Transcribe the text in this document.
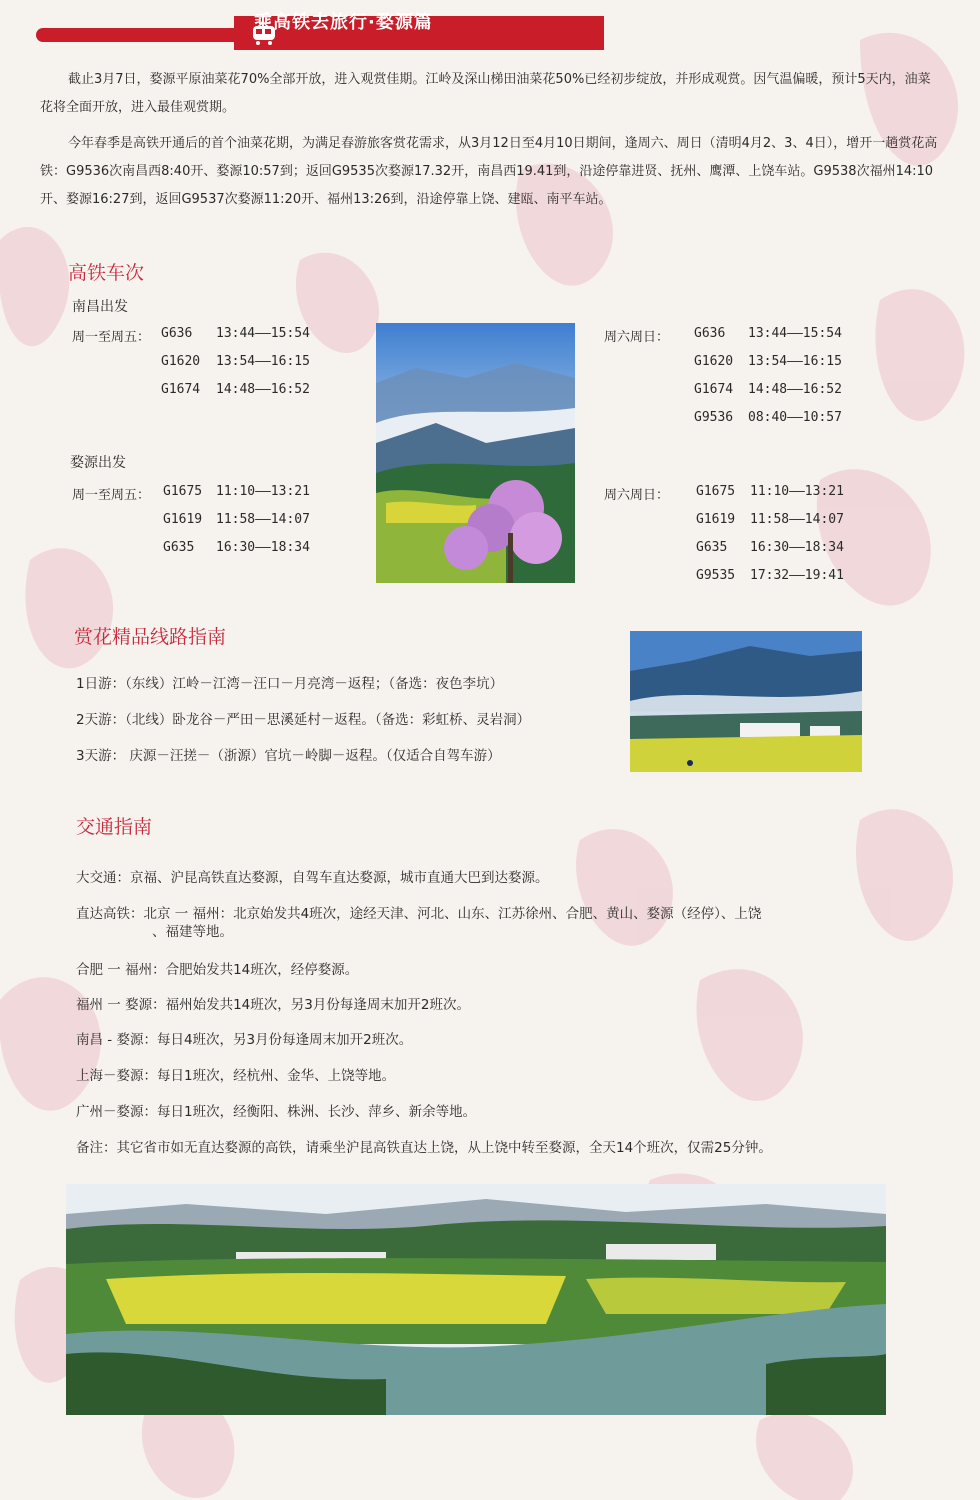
乘高铁去旅行·婺源篇

截止3月7日，婺源平原油菜花70%全部开放，进入观赏佳期。江岭及深山梯田油菜花50%已经初步绽放，并形成观赏。因气温偏暖，预计5天内，油菜花将全面开放，进入最佳观赏期。

今年春季是高铁开通后的首个油菜花期，为满足春游旅客赏花需求，从3月12日至4月10日期间，逢周六、周日（清明4月2、3、4日），增开一趟赏花高铁：G9536次南昌西8:40开、婺源10:57到；返回G9535次婺源17.32开，南昌西19.41到，沿途停靠进贤、抚州、鹰潭、上饶车站。G9538次福州14:10开、婺源16:27到，返回G9537次婺源11:20开、福州13:26到，沿途停靠上饶、建瓯、南平车站。

高铁车次
南昌出发
周一至周五： G636 13:44——15:54
G1620 13:54——16:15
G1674 14:48——16:52
周六周日： G636 13:44——15:54
G1620 13:54——16:15
G1674 14:48——16:52
G9536 08:40——10:57
婺源出发
周一至周五： G1675 11:10——13:21
G1619 11:58——14:07
G635 16:30——18:34
周六周日： G1675 11:10——13:21
G1619 11:58——14:07
G635 16:30——18:34
G9535 17:32——19:41
赏花精品线路指南
1日游：（东线）江岭－江湾－汪口－月亮湾－返程；（备选：夜色李坑）
2天游：（北线）卧龙谷－严田－思溪延村－返程。（备选：彩虹桥、灵岩洞）
3天游： 庆源－汪搓－（浙源）官坑－岭脚－返程。（仅适合自驾车游）
交通指南
大交通：京福、沪昆高铁直达婺源，自驾车直达婺源，城市直通大巴到达婺源。
直达高铁：北京 一 福州：北京始发共4班次，途经天津、河北、山东、江苏徐州、合肥、黄山、婺源（经停）、上饶
、福建等地。
合肥 一 福州：合肥始发共14班次，经停婺源。
福州 一 婺源：福州始发共14班次，另3月份每逢周末加开2班次。
南昌 - 婺源：每日4班次，另3月份每逢周末加开2班次。
上海－婺源：每日1班次，经杭州、金华、上饶等地。
广州－婺源：每日1班次，经衡阳、株洲、长沙、萍乡、新余等地。
备注：其它省市如无直达婺源的高铁，请乘坐沪昆高铁直达上饶，从上饶中转至婺源，全天14个班次，仅需25分钟。
